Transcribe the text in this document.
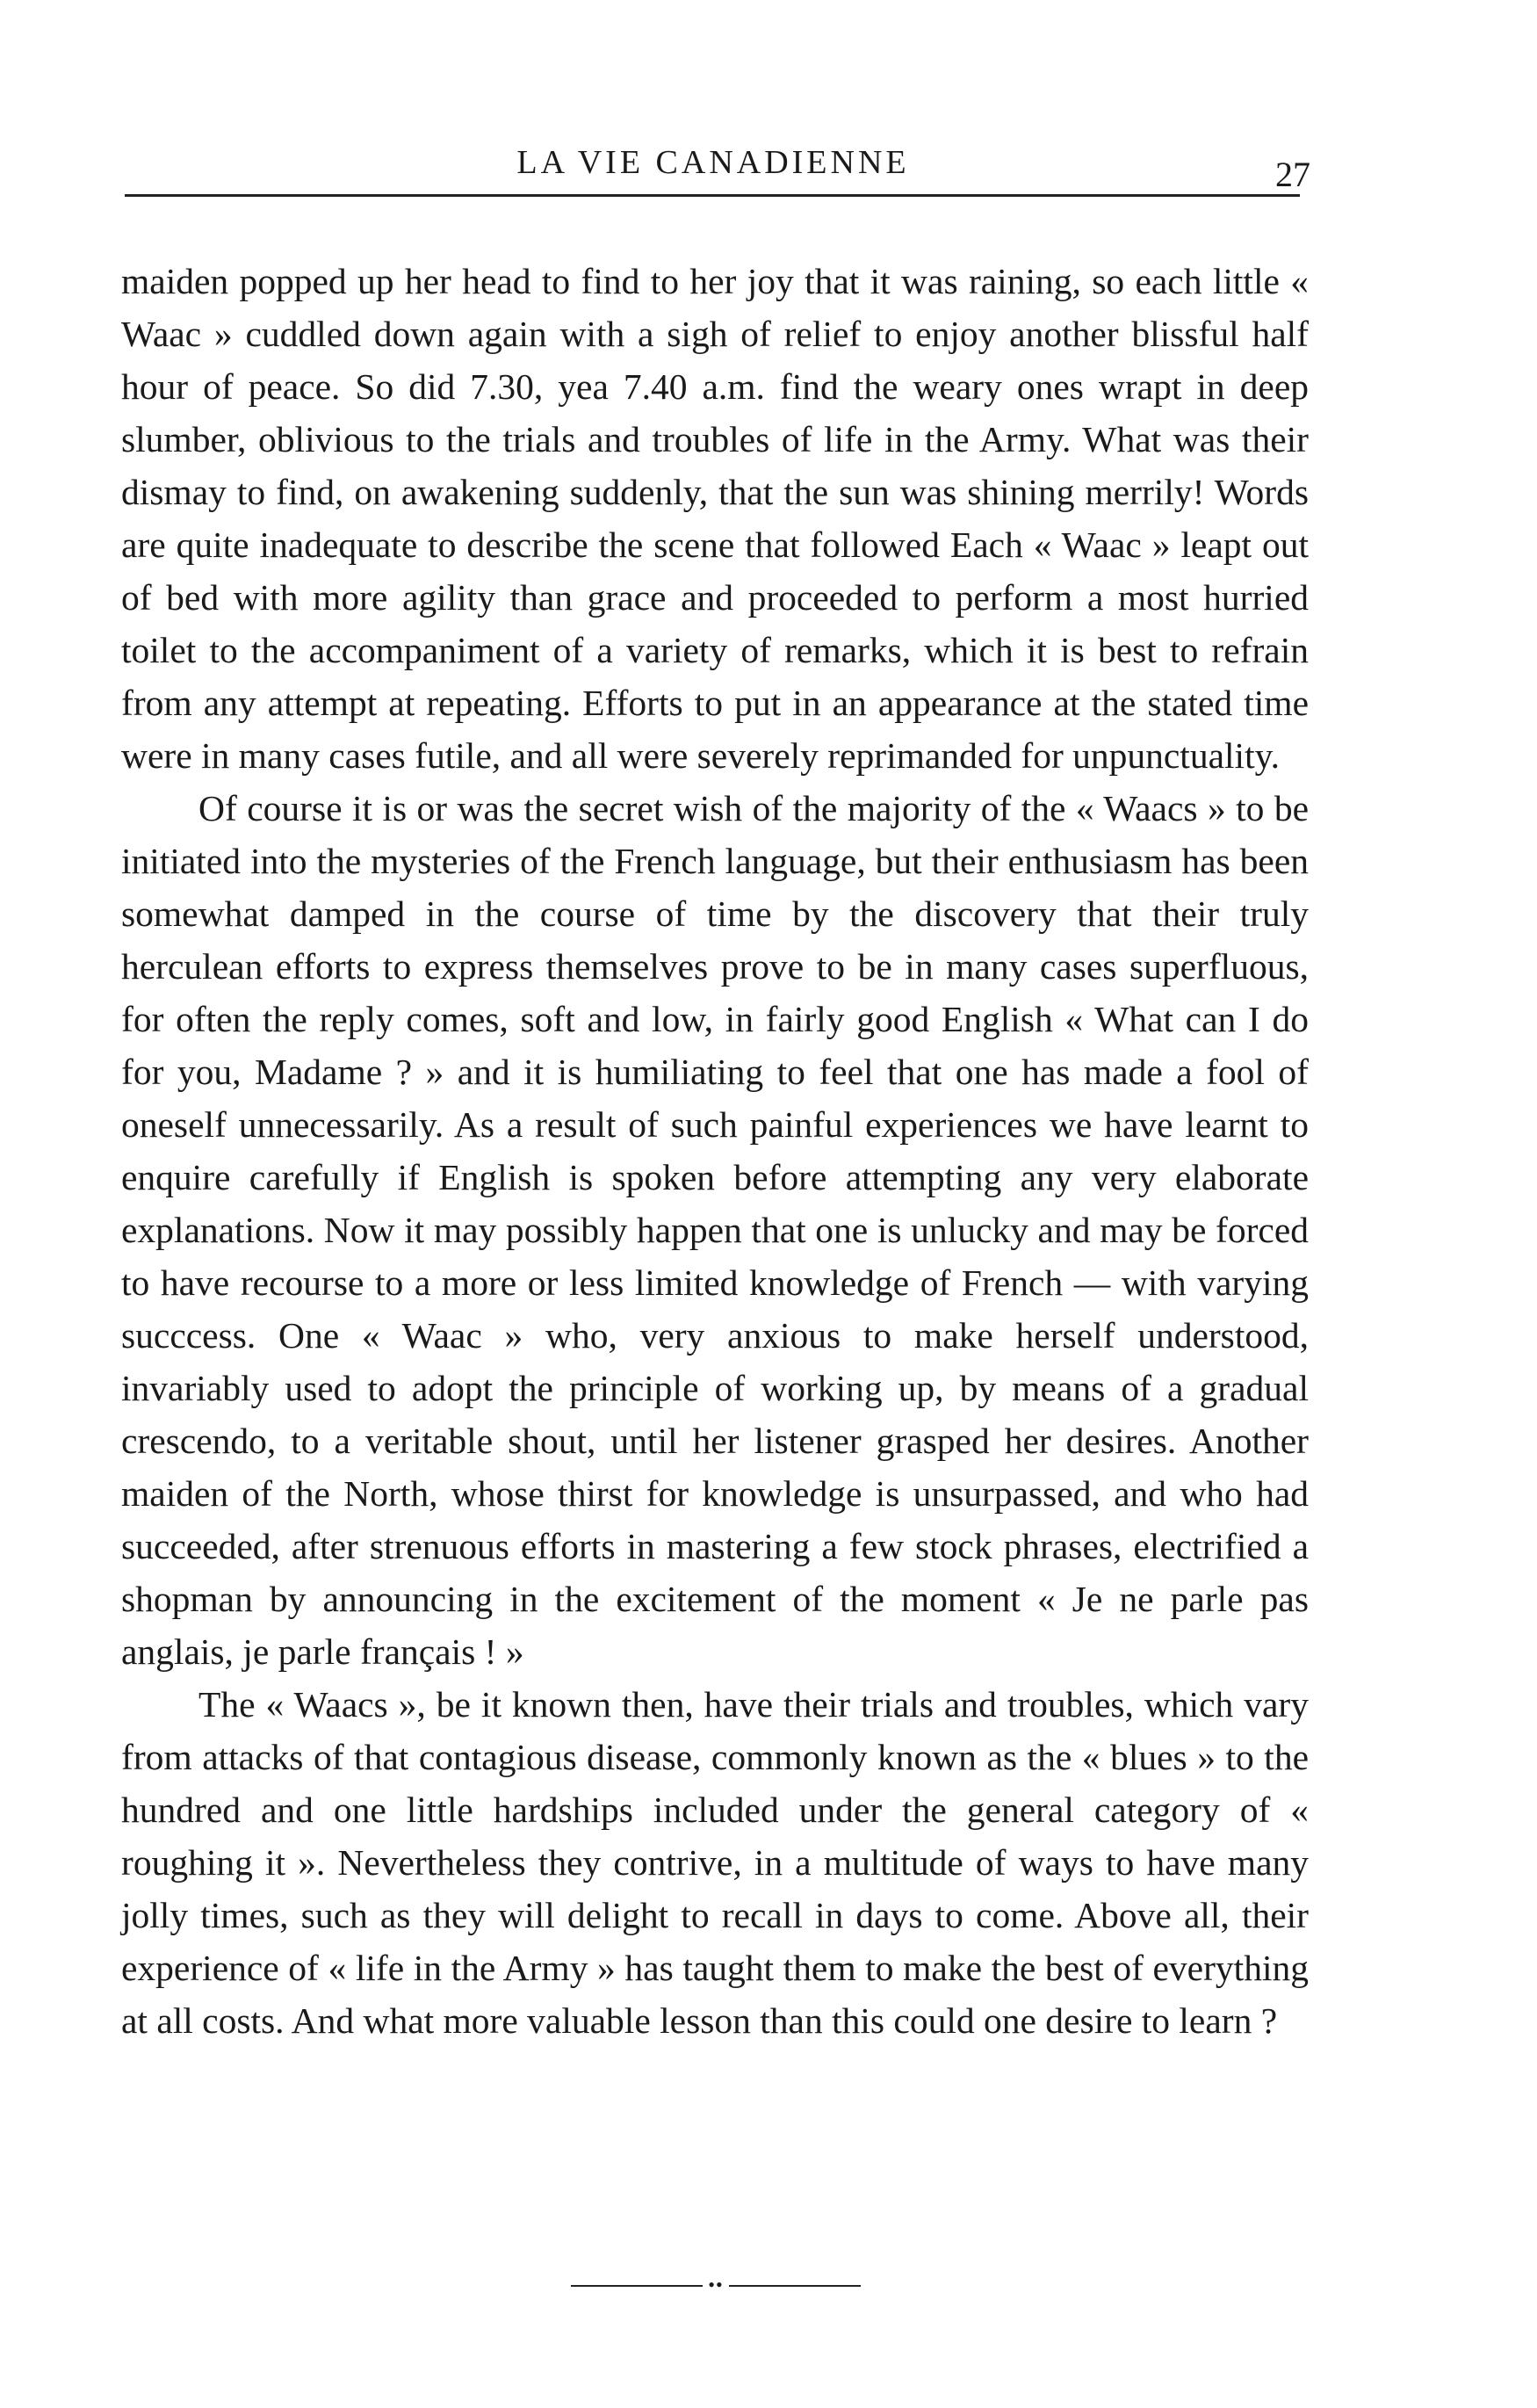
LA VIE CANADIENNE	27

maiden popped up her head to find to her joy that it was raining, so each little « Waac » cuddled down again with a sigh of relief to enjoy another blissful half hour of peace. So did 7.30, yea 7.40 a.m. find the weary ones wrapt in deep slumber, oblivious to the trials and troubles of life in the Army. What was their dismay to find, on awakening suddenly, that the sun was shining merrily! Words are quite inadequate to describe the scene that followed Each « Waac » leapt out of bed with more agility than grace and proceeded to perform a most hurried toilet to the accompaniment of a variety of remarks, which it is best to refrain from any attempt at repeating. Efforts to put in an appearance at the stated time were in many cases futile, and all were severely reprimanded for unpunctuality.

Of course it is or was the secret wish of the majority of the « Waacs » to be initiated into the mysteries of the French language, but their enthusiasm has been somewhat damped in the course of time by the discovery that their truly herculean efforts to express themselves prove to be in many cases superfluous, for often the reply comes, soft and low, in fairly good English « What can I do for you, Madame ? » and it is humiliating to feel that one has made a fool of oneself unnecessarily. As a result of such painful experiences we have learnt to enquire carefully if English is spoken before attempting any very elaborate explanations. Now it may possibly happen that one is unlucky and may be forced to have recourse to a more or less limited knowledge of French — with varying succcess. One « Waac » who, very anxious to make herself understood, invariably used to adopt the principle of working up, by means of a gradual crescendo, to a veritable shout, until her listener grasped her desires. Another maiden of the North, whose thirst for knowledge is unsurpassed, and who had succeeded, after strenuous efforts in mastering a few stock phrases, electrified a shopman by announcing in the excitement of the moment « Je ne parle pas anglais, je parle français ! »

The « Waacs », be it known then, have their trials and troubles, which vary from attacks of that contagious disease, commonly known as the « blues » to the hundred and one little hardships included under the general category of « roughing it ». Nevertheless they contrive, in a multitude of ways to have many jolly times, such as they will delight to recall in days to come. Above all, their experience of « life in the Army » has taught them to make the best of everything at all costs. And what more valuable lesson than this could one desire to learn ?

••
